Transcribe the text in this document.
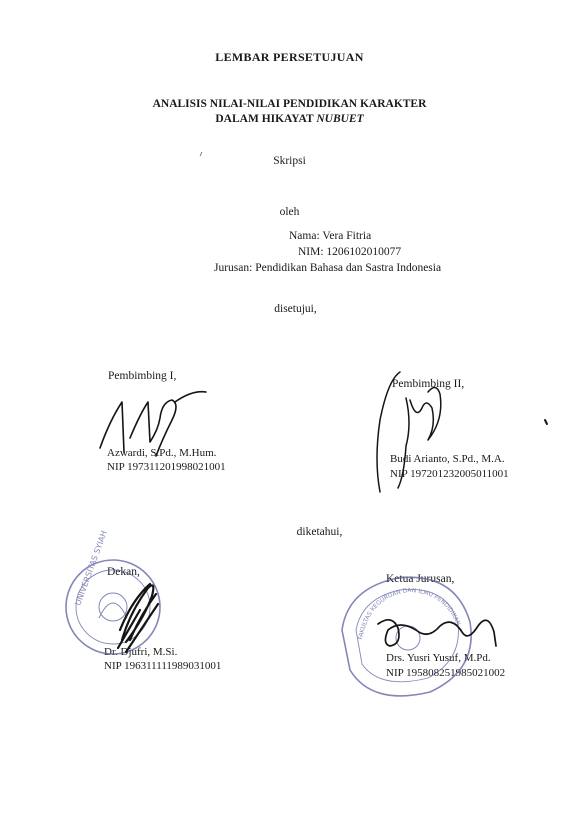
LEMBAR PERSETUJUAN
ANALISIS NILAI-NILAI PENDIDIKAN KARAKTER
DALAM HIKAYAT NUBUET
Skripsi
oleh
Nama: Vera Fitria
NIM: 1206102010077
Jurusan: Pendidikan Bahasa dan Sastra Indonesia
disetujui,
Pembimbing I,
Azwardi, S.Pd., M.Hum.
NIP 197311201998021001
Pembimbing II,
Budi Arianto, S.Pd., M.A.
NIP 197201232005011001
diketahui,
Dekan,
Dr. Djufri, M.Si.
NIP 196311111989031001
Ketua Jurusan,
Drs. Yusri Yusuf, M.Pd.
NIP 195808251985021002
UNIVERSITAS SYIAH
FAKULTAS KEGURUAN DAN ILMU PENDIDIKAN
